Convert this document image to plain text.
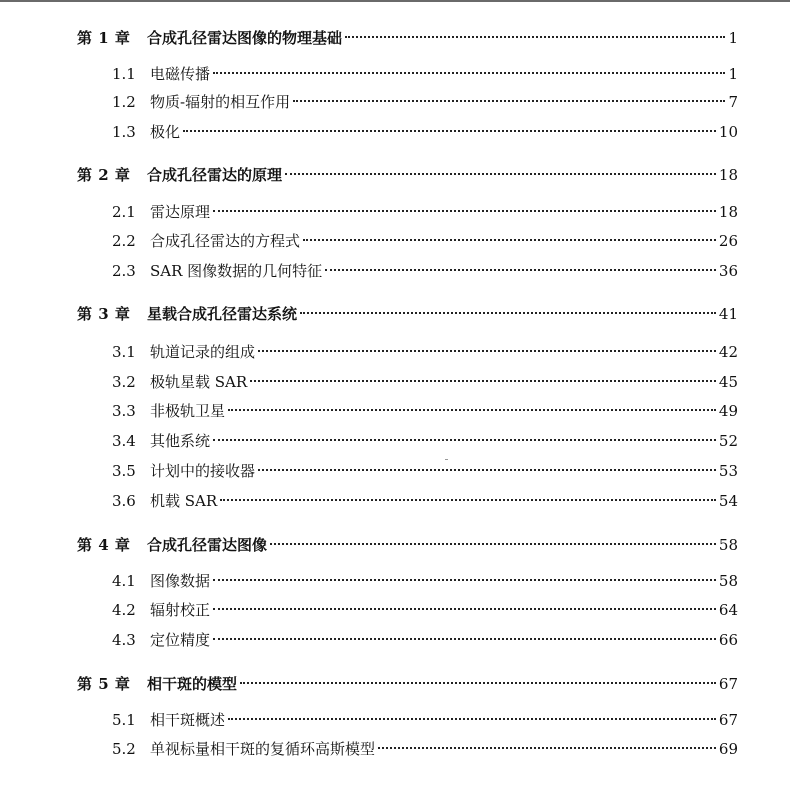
第 1 章	合成孔径雷达图像的物理基础	1
1.1 电磁传播	1
1.2 物质-辐射的相互作用	7
1.3 极化	10
第 2 章	合成孔径雷达的原理	18
2.1 雷达原理	18
2.2 合成孔径雷达的方程式	26
2.3 SAR 图像数据的几何特征	36
第 3 章	星载合成孔径雷达系统	41
3.1 轨道记录的组成	42
3.2 极轨星载 SAR	45
3.3 非极轨卫星	49
3.4 其他系统	52
3.5 计划中的接收器	53
3.6 机载 SAR	54
第 4 章	合成孔径雷达图像	58
4.1 图像数据	58
4.2 辐射校正	64
4.3 定位精度	66
第 5 章	相干斑的模型	67
5.1 相干斑概述	67
5.2 单视标量相干斑的复循环高斯模型	69
